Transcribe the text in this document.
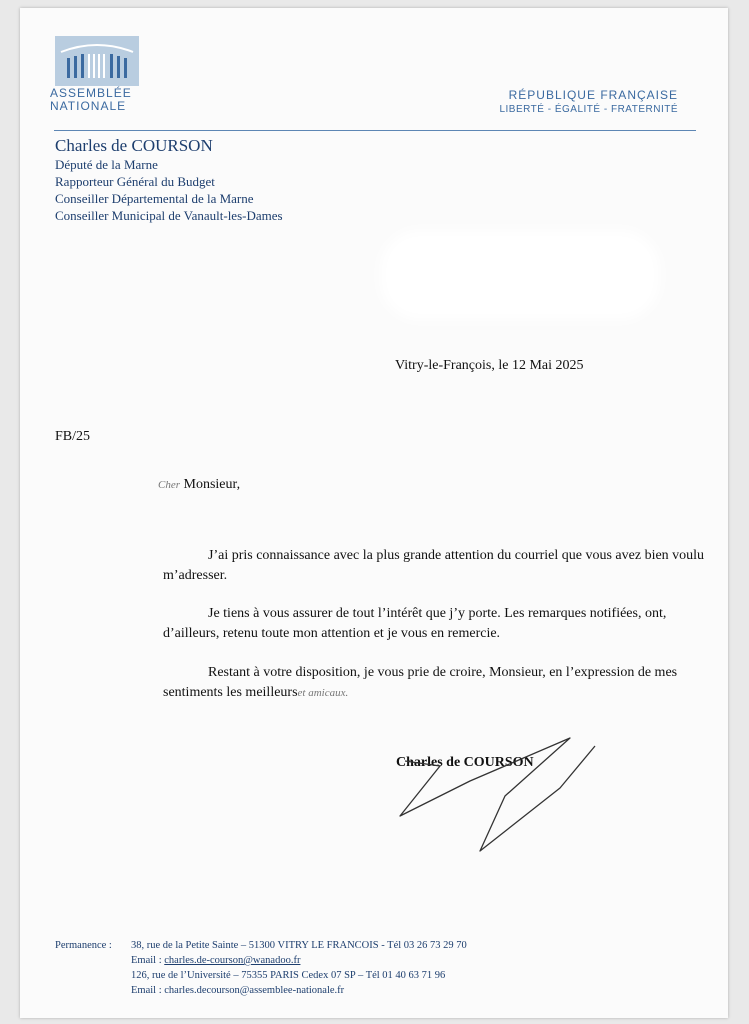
ASSEMBLÉE
NATIONALE
RÉPUBLIQUE FRANÇAISE
LIBERTÉ - ÉGALITÉ - FRATERNITÉ
Charles de COURSON
Député de la Marne
Rapporteur Général du Budget
Conseiller Départemental de la Marne
Conseiller Municipal de Vanault-les-Dames
Vitry-le-François, le 12 Mai 2025
FB/25
Cher Monsieur,
J’ai pris connaissance avec la plus grande attention du courriel que vous avez bien voulu
m’adresser.
Je tiens à vous assurer de tout l’intérêt que j’y porte. Les remarques notifiées, ont,
d’ailleurs, retenu toute mon attention et je vous en remercie.
Restant à votre disposition, je vous prie de croire, Monsieur, en l’expression de mes
sentiments les meilleurset amicaux.
Charles de COURSON
Permanence : 38, rue de la Petite Sainte – 51300 VITRY LE FRANCOIS - Tél 03 26 73 29 70
Email : charles.de-courson@wanadoo.fr
126, rue de l’Université – 75355 PARIS Cedex 07 SP – Tél 01 40 63 71 96
Email : charles.decourson@assemblee-nationale.fr
